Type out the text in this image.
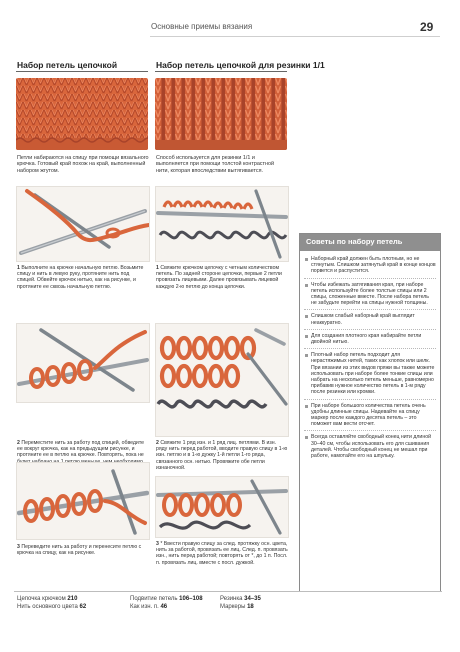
Основные приемы вязания	29
Набор петель цепочкой
Петли набираются на спицу при помощи вязального крючка. Готовый край похож на край, выполненный набором жгутом.
1 Выполните на крючке начальную петлю. Возьмите спицу и нить в левую руку, протяните нить под спицей. Обвейте крючок нитью, как на рисунке, и протяните ее сквозь начальную петлю.
2 Переместите нить за работу под спицей, обведите ее вокруг крючка, как на предыдущем рисунке, и протяните ее в петлю на крючке. Повторять, пока не
3 Переведите нить за работу и перенесите петлю с крючка на спицу, как на рисунке.
Набор петель цепочкой для резинки 1/1
Способ используется для резинки 1/1 и выполняется при помощи толстой контрастной нити, которая впоследствии вытягивается.
1 Свяжите крючком цепочку с четным количеством петель. По задней стороне цепочки, первые 2 петли провязать лицевыми. Далее провязывать лицевой каждую 2-ю петлю до конца цепочки.
2 Свяжите 1 ряд изн. и 1 ряд лиц. петлями. В изн. ряду нить перед работой, вводите правую спицу в 1-ю изн. петлю и в 1-ю дужку 1-й петли 1-го ряда, связанного осн. нитью. Провяжите обе петли изнаночной.
3 * Ввести правую спицу за след. протяжку осн. цвета, нить за работой, провязать ее лиц. След. п. провязать изн., нить перед работой; повторять от *, до 1 п. Посл. п. провязать лиц. вместе с посл. дужкой.
Советы по набору петель
Наборный край должен быть плотным, но не стянутым. Слишком затянутый край в конце концов порвется и распустится.
Чтобы избежать затягивания края, при наборе петель используйте более толстые спицы или 2 спицы, сложенные вместе. После набора петель не забудьте перейти на спицы нужной толщины.
Слишком слабый наборный край выглядит неаккуратно.
Для создания плотного края набирайте петли двойной нитью.
Плотный набор петель подходит для нерастяжимых нитей, таких как хлопок или шелк. При вязании из этих видов пряжи вы также можете использовать при наборе более тонкие спицы или набрать на несколько петель меньше, равномерно прибавив нужное количество петель в 1-м ряду после резинки или кромки.
При наборе большого количества петель очень удобны длинные спицы. Надевайте на спицу маркер после каждого десятка петель – это поможет вам вести отсчет.
Всегда оставляйте свободный конец нити длиной 30–40 см, чтобы использовать его для сшивания деталей. Чтобы свободный конец не мешал при работе, намотайте его на шпульку.
Цепочка крючком 210
Нить основного цвета 62
Подвитие петель 106–108
Как изн. п. 46
Резинка 34–35
Маркеры 18
